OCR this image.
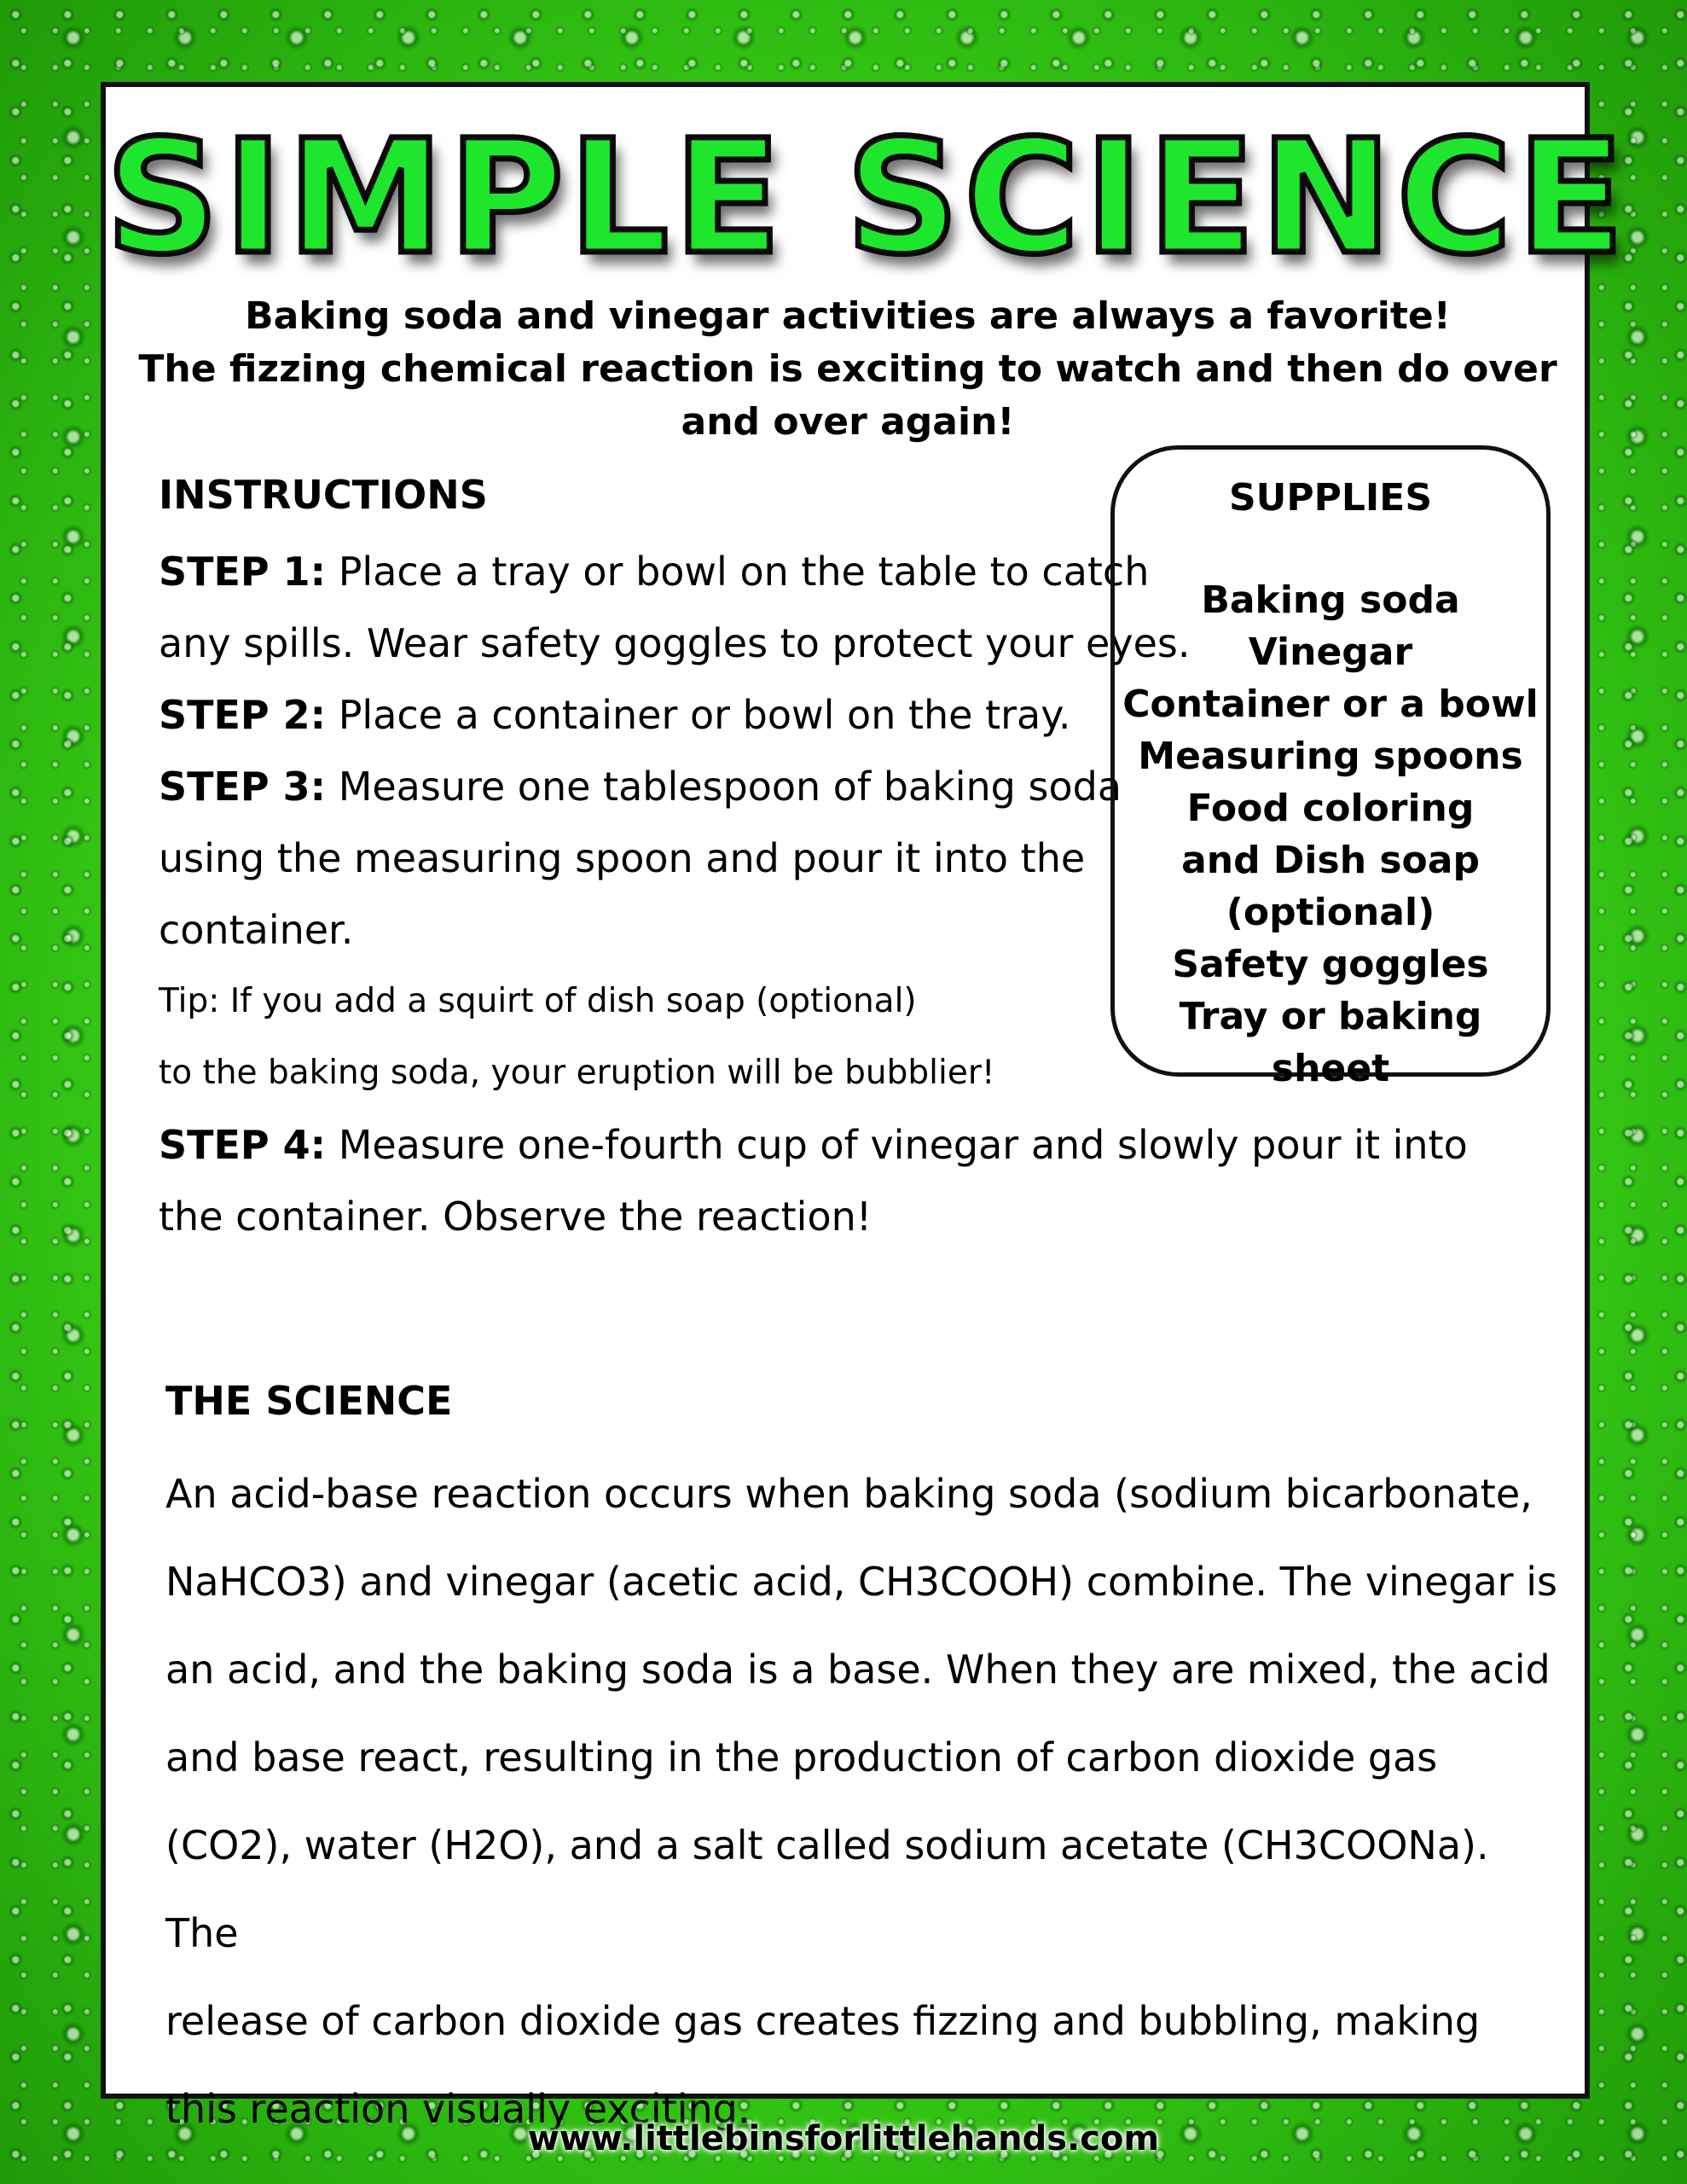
SIMPLE SCIENCE
Baking soda and vinegar activities are always a favorite!
The fizzing chemical reaction is exciting to watch and then do over and over again!
INSTRUCTIONS

STEP 1: Place a tray or bowl on the table to catch any spills. Wear safety goggles to protect your eyes.

STEP 2: Place a container or bowl on the tray.

STEP 3: Measure one tablespoon of baking soda using the measuring spoon and pour it into the container.

Tip: If you add a squirt of dish soap (optional)
to the baking soda, your eruption will be bubblier!

STEP 4: Measure one-fourth cup of vinegar and slowly pour it into the container. Observe the reaction!

SUPPLIES

Baking soda

Vinegar

Container or a bowl

Measuring spoons

Food coloring

and Dish soap

(optional)

Safety goggles

Tray or baking sheet

THE SCIENCE

An acid-base reaction occurs when baking soda (sodium bicarbonate,

NaHCO3) and vinegar (acetic acid, CH3COOH) combine. The vinegar is

an acid, and the baking soda is a base. When they are mixed, the acid

and base react, resulting in the production of carbon dioxide gas

(CO2), water (H2O), and a salt called sodium acetate (CH3COONa). The

release of carbon dioxide gas creates fizzing and bubbling, making

this reaction visually exciting.

www.littlebinsforlittlehands.com
